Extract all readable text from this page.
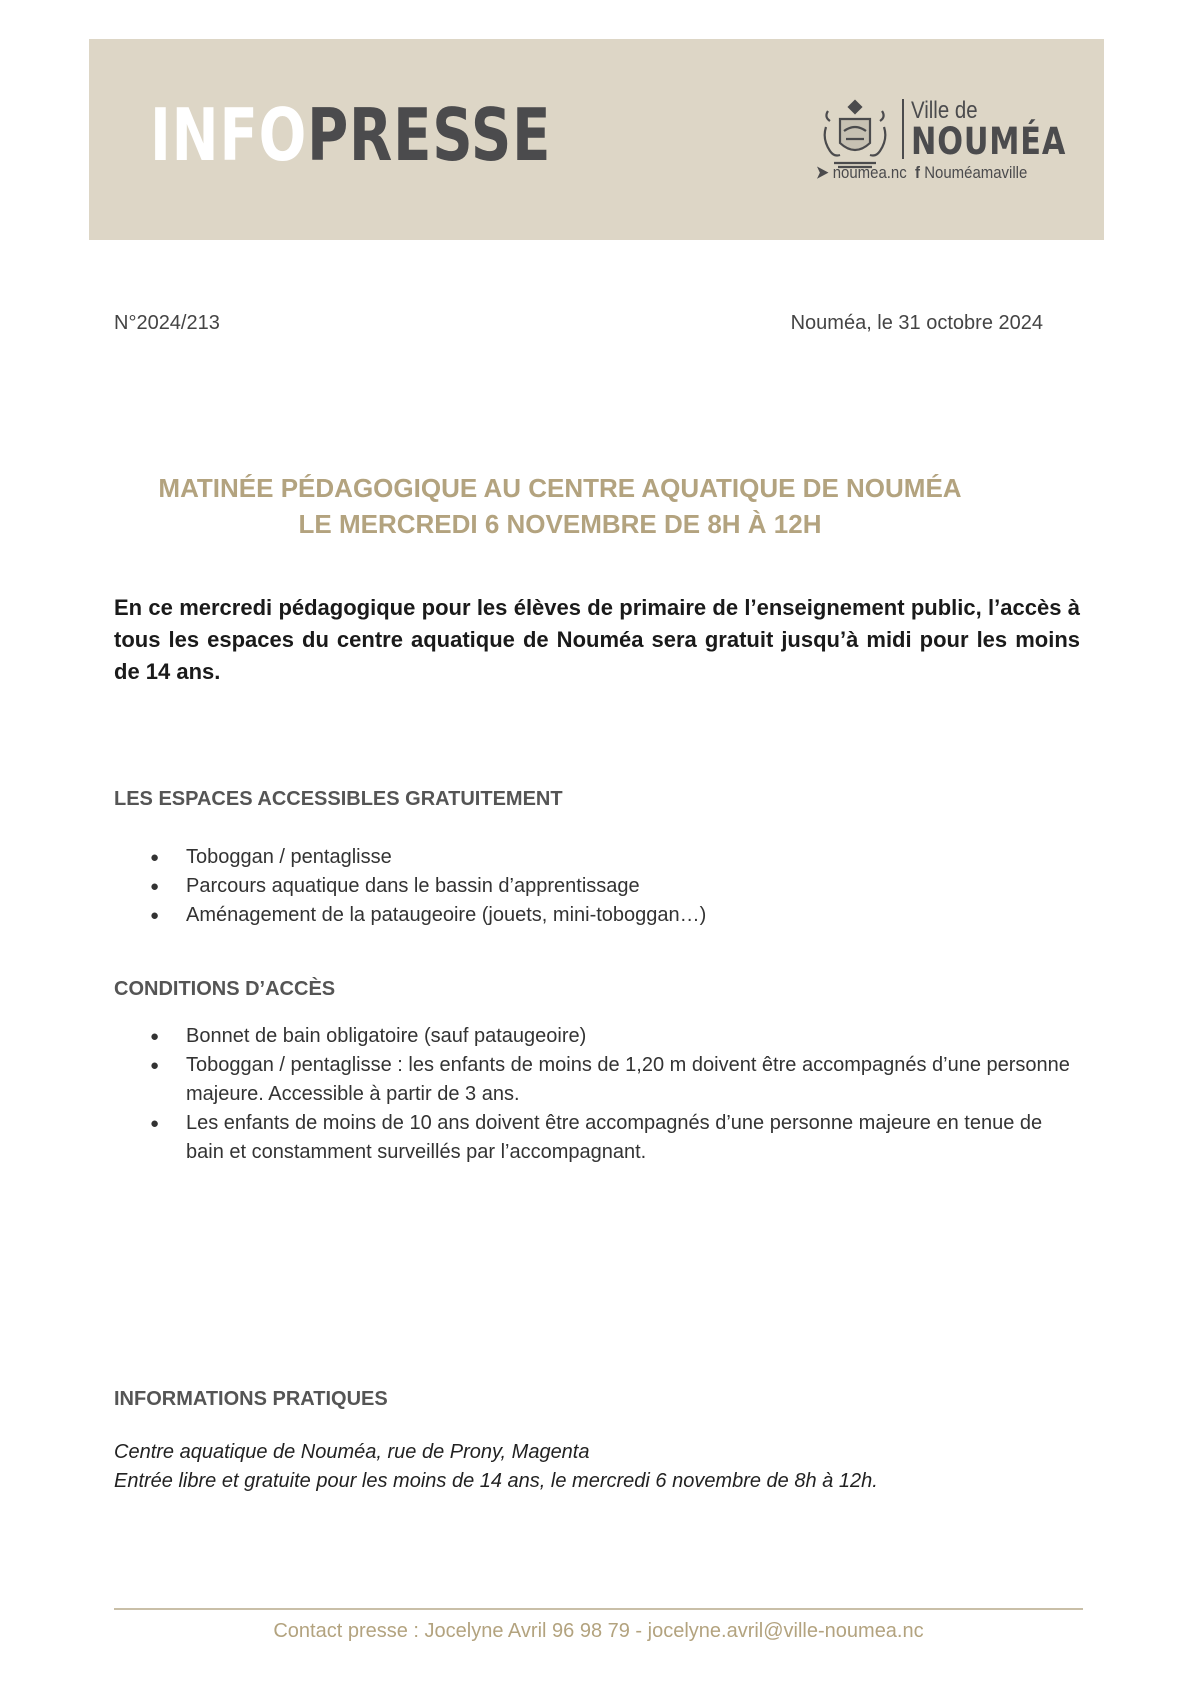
INFOPRESSE	Ville de
NOUMÉA
➤ noumea.nc f Nouméamaville
N°2024/213	Nouméa, le 31 octobre 2024
MATINÉE PÉDAGOGIQUE AU CENTRE AQUATIQUE DE NOUMÉA
LE MERCREDI 6 NOVEMBRE DE 8H À 12H
En ce mercredi pédagogique pour les élèves de primaire de l’enseignement public, l’accès à tous les espaces du centre aquatique de Nouméa sera gratuit jusqu’à midi pour les moins de 14 ans.
LES ESPACES ACCESSIBLES GRATUITEMENT
● Toboggan / pentaglisse
● Parcours aquatique dans le bassin d’apprentissage
● Aménagement de la pataugeoire (jouets, mini-toboggan…)
CONDITIONS D’ACCÈS
● Bonnet de bain obligatoire (sauf pataugeoire)
● Toboggan / pentaglisse : les enfants de moins de 1,20 m doivent être accompagnés d’une personne majeure. Accessible à partir de 3 ans.
● Les enfants de moins de 10 ans doivent être accompagnés d’une personne majeure en tenue de bain et constamment surveillés par l’accompagnant.
INFORMATIONS PRATIQUES
Centre aquatique de Nouméa, rue de Prony, Magenta
Entrée libre et gratuite pour les moins de 14 ans, le mercredi 6 novembre de 8h à 12h.
Contact presse : Jocelyne Avril 96 98 79 - jocelyne.avril@ville-noumea.nc
